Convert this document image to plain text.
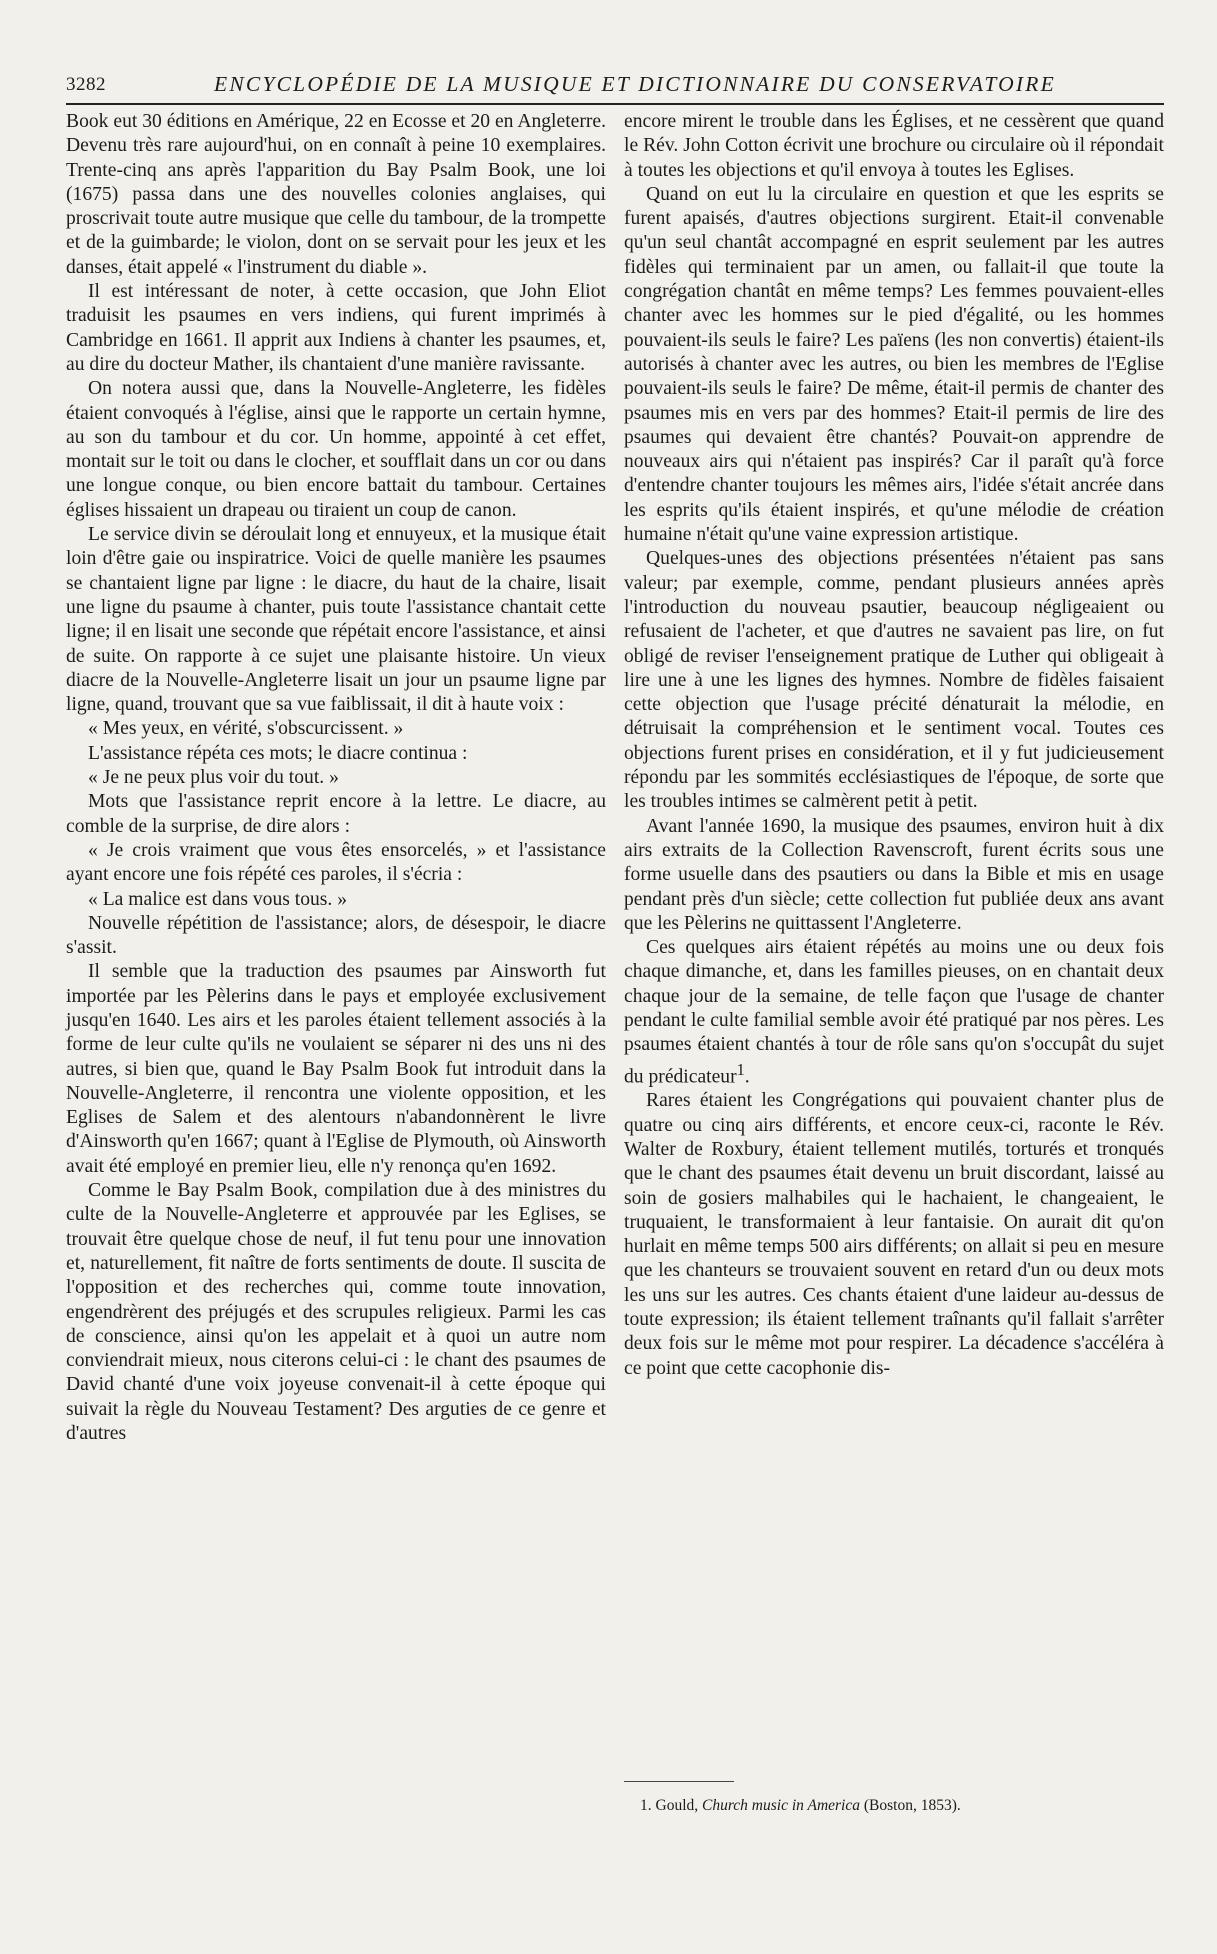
3282	ENCYCLOPÉDIE DE LA MUSIQUE ET DICTIONNAIRE DU CONSERVATOIRE

Book eut 30 éditions en Amérique, 22 en Ecosse et 20 en Angleterre. Devenu très rare aujourd'hui, on en connaît à peine 10 exemplaires. Trente-cinq ans après l'apparition du Bay Psalm Book, une loi (1675) passa dans une des nouvelles colonies anglaises, qui proscrivait toute autre musique que celle du tambour, de la trompette et de la guimbarde; le violon, dont on se servait pour les jeux et les danses, était appelé « l'instrument du diable ».

Il est intéressant de noter, à cette occasion, que John Eliot traduisit les psaumes en vers indiens, qui furent imprimés à Cambridge en 1661. Il apprit aux Indiens à chanter les psaumes, et, au dire du docteur Mather, ils chantaient d'une manière ravissante.

On notera aussi que, dans la Nouvelle-Angleterre, les fidèles étaient convoqués à l'église, ainsi que le rapporte un certain hymne, au son du tambour et du cor. Un homme, appointé à cet effet, montait sur le toit ou dans le clocher, et soufflait dans un cor ou dans une longue conque, ou bien encore battait du tambour. Certaines églises hissaient un drapeau ou tiraient un coup de canon.

Le service divin se déroulait long et ennuyeux, et la musique était loin d'être gaie ou inspiratrice. Voici de quelle manière les psaumes se chantaient ligne par ligne : le diacre, du haut de la chaire, lisait une ligne du psaume à chanter, puis toute l'assistance chantait cette ligne; il en lisait une seconde que répétait encore l'assistance, et ainsi de suite. On rapporte à ce sujet une plaisante histoire. Un vieux diacre de la Nouvelle-Angleterre lisait un jour un psaume ligne par ligne, quand, trouvant que sa vue faiblissait, il dit à haute voix :

« Mes yeux, en vérité, s'obscurcissent. »

L'assistance répéta ces mots; le diacre continua :

« Je ne peux plus voir du tout. »

Mots que l'assistance reprit encore à la lettre. Le diacre, au comble de la surprise, de dire alors :

« Je crois vraiment que vous êtes ensorcelés, » et l'assistance ayant encore une fois répété ces paroles, il s'écria :

« La malice est dans vous tous. »

Nouvelle répétition de l'assistance; alors, de désespoir, le diacre s'assit.

Il semble que la traduction des psaumes par Ainsworth fut importée par les Pèlerins dans le pays et employée exclusivement jusqu'en 1640. Les airs et les paroles étaient tellement associés à la forme de leur culte qu'ils ne voulaient se séparer ni des uns ni des autres, si bien que, quand le Bay Psalm Book fut introduit dans la Nouvelle-Angleterre, il rencontra une violente opposition, et les Eglises de Salem et des alentours n'abandonnèrent le livre d'Ainsworth qu'en 1667; quant à l'Eglise de Plymouth, où Ainsworth avait été employé en premier lieu, elle n'y renonça qu'en 1692.

Comme le Bay Psalm Book, compilation due à des ministres du culte de la Nouvelle-Angleterre et approuvée par les Eglises, se trouvait être quelque chose de neuf, il fut tenu pour une innovation et, naturellement, fit naître de forts sentiments de doute. Il suscita de l'opposition et des recherches qui, comme toute innovation, engendrèrent des préjugés et des scrupules religieux. Parmi les cas de conscience, ainsi qu'on les appelait et à quoi un autre nom conviendrait mieux, nous citerons celui-ci : le chant des psaumes de David chanté d'une voix joyeuse convenait-il à cette époque qui suivait la règle du Nouveau Testament? Des arguties de ce genre et d'autres

encore mirent le trouble dans les Églises, et ne cessèrent que quand le Rév. John Cotton écrivit une brochure ou circulaire où il répondait à toutes les objections et qu'il envoya à toutes les Eglises.

Quand on eut lu la circulaire en question et que les esprits se furent apaisés, d'autres objections surgirent. Etait-il convenable qu'un seul chantât accompagné en esprit seulement par les autres fidèles qui terminaient par un amen, ou fallait-il que toute la congrégation chantât en même temps? Les femmes pouvaient-elles chanter avec les hommes sur le pied d'égalité, ou les hommes pouvaient-ils seuls le faire? Les païens (les non convertis) étaient-ils autorisés à chanter avec les autres, ou bien les membres de l'Eglise pouvaient-ils seuls le faire? De même, était-il permis de chanter des psaumes mis en vers par des hommes? Etait-il permis de lire des psaumes qui devaient être chantés? Pouvait-on apprendre de nouveaux airs qui n'étaient pas inspirés? Car il paraît qu'à force d'entendre chanter toujours les mêmes airs, l'idée s'était ancrée dans les esprits qu'ils étaient inspirés, et qu'une mélodie de création humaine n'était qu'une vaine expression artistique.

Quelques-unes des objections présentées n'étaient pas sans valeur; par exemple, comme, pendant plusieurs années après l'introduction du nouveau psautier, beaucoup négligeaient ou refusaient de l'acheter, et que d'autres ne savaient pas lire, on fut obligé de reviser l'enseignement pratique de Luther qui obligeait à lire une à une les lignes des hymnes. Nombre de fidèles faisaient cette objection que l'usage précité dénaturait la mélodie, en détruisait la compréhension et le sentiment vocal. Toutes ces objections furent prises en considération, et il y fut judicieusement répondu par les sommités ecclésiastiques de l'époque, de sorte que les troubles intimes se calmèrent petit à petit.

Avant l'année 1690, la musique des psaumes, environ huit à dix airs extraits de la Collection Ravenscroft, furent écrits sous une forme usuelle dans des psautiers ou dans la Bible et mis en usage pendant près d'un siècle; cette collection fut publiée deux ans avant que les Pèlerins ne quittassent l'Angleterre.

Ces quelques airs étaient répétés au moins une ou deux fois chaque dimanche, et, dans les familles pieuses, on en chantait deux chaque jour de la semaine, de telle façon que l'usage de chanter pendant le culte familial semble avoir été pratiqué par nos pères. Les psaumes étaient chantés à tour de rôle sans qu'on s'occupât du sujet du prédicateur$^1$.

Rares étaient les Congrégations qui pouvaient chanter plus de quatre ou cinq airs différents, et encore ceux-ci, raconte le Rév. Walter de Roxbury, étaient tellement mutilés, torturés et tronqués que le chant des psaumes était devenu un bruit discordant, laissé au soin de gosiers malhabiles qui le hachaient, le changeaient, le truquaient, le transformaient à leur fantaisie. On aurait dit qu'on hurlait en même temps 500 airs différents; on allait si peu en mesure que les chanteurs se trouvaient souvent en retard d'un ou deux mots les uns sur les autres. Ces chants étaient d'une laideur au-dessus de toute expression; ils étaient tellement traînants qu'il fallait s'arrêter deux fois sur le même mot pour respirer. La décadence s'accéléra à ce point que cette cacophonie dis-

1. Gould, Church music in America (Boston, 1853).
